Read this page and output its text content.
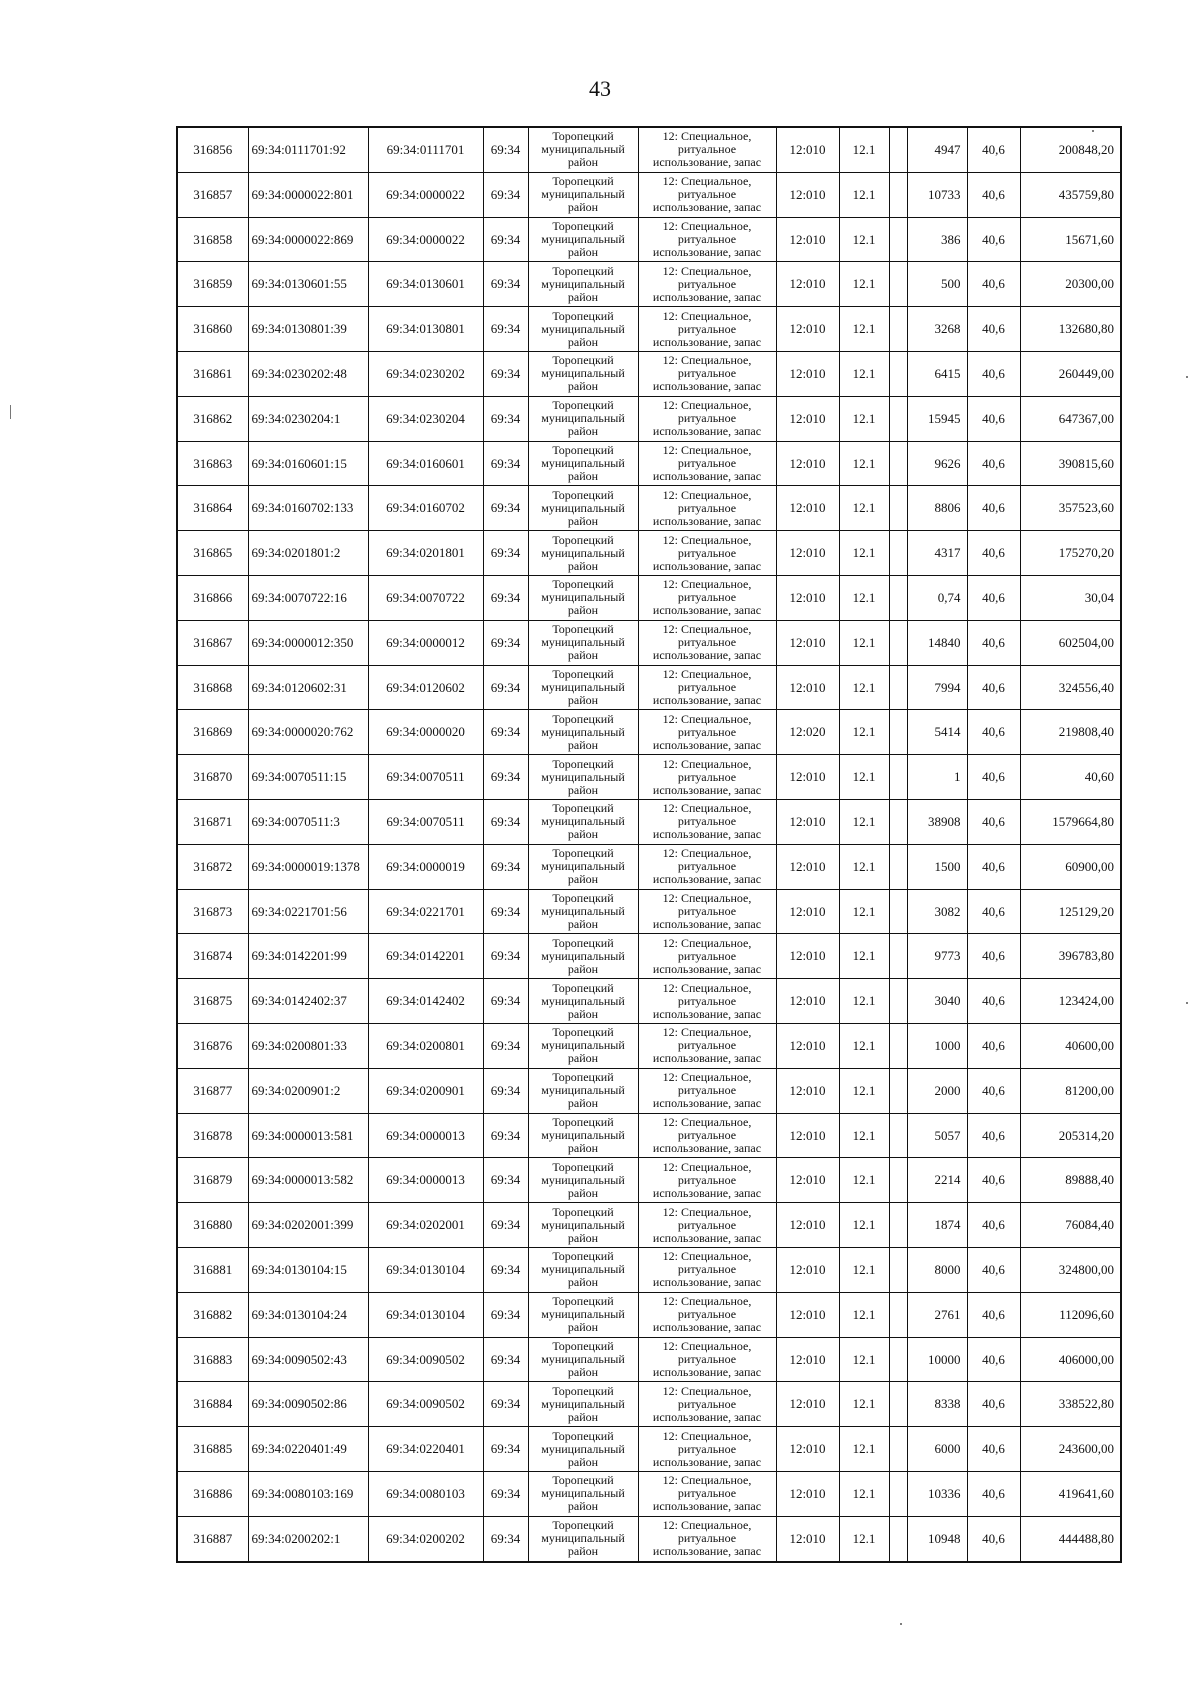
43
316856	69:34:0111701:92	69:34:0111701	69:34	Торопецкий муниципальный район	12: Специальное, ритуальное использование, запас	12:010	12.1		4947	40,6	200848,20
316857	69:34:0000022:801	69:34:0000022	69:34	Торопецкий муниципальный район	12: Специальное, ритуальное использование, запас	12:010	12.1		10733	40,6	435759,80
316858	69:34:0000022:869	69:34:0000022	69:34	Торопецкий муниципальный район	12: Специальное, ритуальное использование, запас	12:010	12.1		386	40,6	15671,60
316859	69:34:0130601:55	69:34:0130601	69:34	Торопецкий муниципальный район	12: Специальное, ритуальное использование, запас	12:010	12.1		500	40,6	20300,00
316860	69:34:0130801:39	69:34:0130801	69:34	Торопецкий муниципальный район	12: Специальное, ритуальное использование, запас	12:010	12.1		3268	40,6	132680,80
316861	69:34:0230202:48	69:34:0230202	69:34	Торопецкий муниципальный район	12: Специальное, ритуальное использование, запас	12:010	12.1		6415	40,6	260449,00
316862	69:34:0230204:1	69:34:0230204	69:34	Торопецкий муниципальный район	12: Специальное, ритуальное использование, запас	12:010	12.1		15945	40,6	647367,00
316863	69:34:0160601:15	69:34:0160601	69:34	Торопецкий муниципальный район	12: Специальное, ритуальное использование, запас	12:010	12.1		9626	40,6	390815,60
316864	69:34:0160702:133	69:34:0160702	69:34	Торопецкий муниципальный район	12: Специальное, ритуальное использование, запас	12:010	12.1		8806	40,6	357523,60
316865	69:34:0201801:2	69:34:0201801	69:34	Торопецкий муниципальный район	12: Специальное, ритуальное использование, запас	12:010	12.1		4317	40,6	175270,20
316866	69:34:0070722:16	69:34:0070722	69:34	Торопецкий муниципальный район	12: Специальное, ритуальное использование, запас	12:010	12.1		0,74	40,6	30,04
316867	69:34:0000012:350	69:34:0000012	69:34	Торопецкий муниципальный район	12: Специальное, ритуальное использование, запас	12:010	12.1		14840	40,6	602504,00
316868	69:34:0120602:31	69:34:0120602	69:34	Торопецкий муниципальный район	12: Специальное, ритуальное использование, запас	12:010	12.1		7994	40,6	324556,40
316869	69:34:0000020:762	69:34:0000020	69:34	Торопецкий муниципальный район	12: Специальное, ритуальное использование, запас	12:020	12.1		5414	40,6	219808,40
316870	69:34:0070511:15	69:34:0070511	69:34	Торопецкий муниципальный район	12: Специальное, ритуальное использование, запас	12:010	12.1		1	40,6	40,60
316871	69:34:0070511:3	69:34:0070511	69:34	Торопецкий муниципальный район	12: Специальное, ритуальное использование, запас	12:010	12.1		38908	40,6	1579664,80
316872	69:34:0000019:1378	69:34:0000019	69:34	Торопецкий муниципальный район	12: Специальное, ритуальное использование, запас	12:010	12.1		1500	40,6	60900,00
316873	69:34:0221701:56	69:34:0221701	69:34	Торопецкий муниципальный район	12: Специальное, ритуальное использование, запас	12:010	12.1		3082	40,6	125129,20
316874	69:34:0142201:99	69:34:0142201	69:34	Торопецкий муниципальный район	12: Специальное, ритуальное использование, запас	12:010	12.1		9773	40,6	396783,80
316875	69:34:0142402:37	69:34:0142402	69:34	Торопецкий муниципальный район	12: Специальное, ритуальное использование, запас	12:010	12.1		3040	40,6	123424,00
316876	69:34:0200801:33	69:34:0200801	69:34	Торопецкий муниципальный район	12: Специальное, ритуальное использование, запас	12:010	12.1		1000	40,6	40600,00
316877	69:34:0200901:2	69:34:0200901	69:34	Торопецкий муниципальный район	12: Специальное, ритуальное использование, запас	12:010	12.1		2000	40,6	81200,00
316878	69:34:0000013:581	69:34:0000013	69:34	Торопецкий муниципальный район	12: Специальное, ритуальное использование, запас	12:010	12.1		5057	40,6	205314,20
316879	69:34:0000013:582	69:34:0000013	69:34	Торопецкий муниципальный район	12: Специальное, ритуальное использование, запас	12:010	12.1		2214	40,6	89888,40
316880	69:34:0202001:399	69:34:0202001	69:34	Торопецкий муниципальный район	12: Специальное, ритуальное использование, запас	12:010	12.1		1874	40,6	76084,40
316881	69:34:0130104:15	69:34:0130104	69:34	Торопецкий муниципальный район	12: Специальное, ритуальное использование, запас	12:010	12.1		8000	40,6	324800,00
316882	69:34:0130104:24	69:34:0130104	69:34	Торопецкий муниципальный район	12: Специальное, ритуальное использование, запас	12:010	12.1		2761	40,6	112096,60
316883	69:34:0090502:43	69:34:0090502	69:34	Торопецкий муниципальный район	12: Специальное, ритуальное использование, запас	12:010	12.1		10000	40,6	406000,00
316884	69:34:0090502:86	69:34:0090502	69:34	Торопецкий муниципальный район	12: Специальное, ритуальное использование, запас	12:010	12.1		8338	40,6	338522,80
316885	69:34:0220401:49	69:34:0220401	69:34	Торопецкий муниципальный район	12: Специальное, ритуальное использование, запас	12:010	12.1		6000	40,6	243600,00
316886	69:34:0080103:169	69:34:0080103	69:34	Торопецкий муниципальный район	12: Специальное, ритуальное использование, запас	12:010	12.1		10336	40,6	419641,60
316887	69:34:0200202:1	69:34:0200202	69:34	Торопецкий муниципальный район	12: Специальное, ритуальное использование, запас	12:010	12.1		10948	40,6	444488,80
